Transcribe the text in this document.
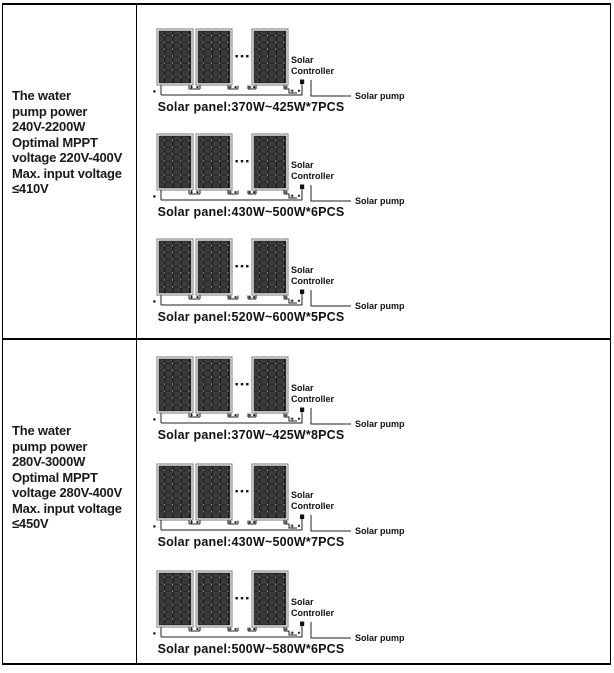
The water
pump power
240V-2200W
Optimal MPPT
voltage 220V-400V
Max. input voltage
≤410V
Solar
Controller
Solar pump
Solar panel:370W~425W*7PCS
Solar
Controller
Solar pump
Solar panel:430W~500W*6PCS
Solar
Controller
Solar pump
Solar panel:520W~600W*5PCS
The water
pump power
280V-3000W
Optimal MPPT
voltage 280V-400V
Max. input voltage
≤450V
Solar
Controller
Solar pump
Solar panel:370W~425W*8PCS
Solar
Controller
Solar pump
Solar panel:430W~500W*7PCS
Solar
Controller
Solar pump
Solar panel:500W~580W*6PCS
